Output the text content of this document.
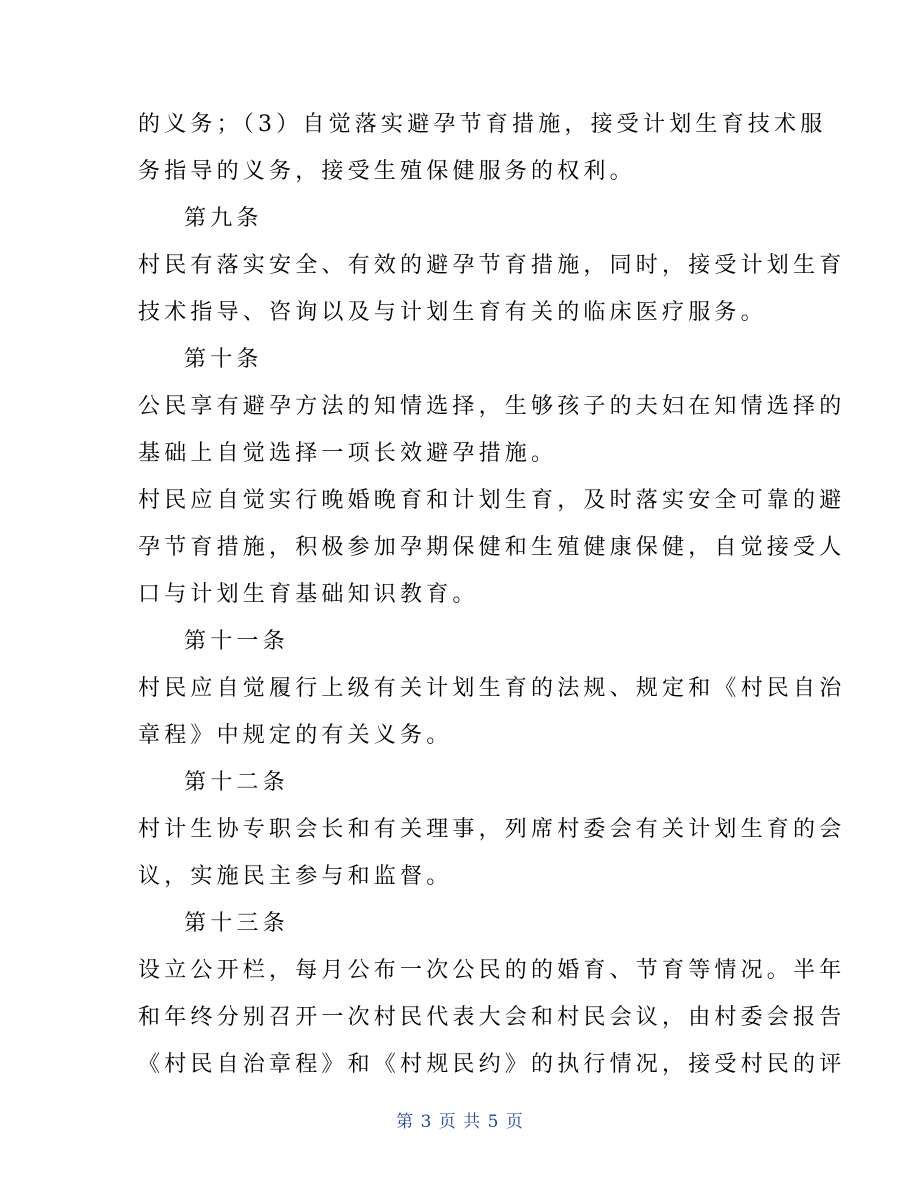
的义务；（3）自觉落实避孕节育措施，接受计划生育技术服
务指导的义务，接受生殖保健服务的权利。
第九条
村民有落实安全、有效的避孕节育措施，同时，接受计划生育
技术指导、咨询以及与计划生育有关的临床医疗服务。
第十条
公民享有避孕方法的知情选择，生够孩子的夫妇在知情选择的
基础上自觉选择一项长效避孕措施。
村民应自觉实行晚婚晚育和计划生育，及时落实安全可靠的避
孕节育措施，积极参加孕期保健和生殖健康保健，自觉接受人
口与计划生育基础知识教育。
第十一条
村民应自觉履行上级有关计划生育的法规、规定和《村民自治
章程》中规定的有关义务。
第十二条
村计生协专职会长和有关理事，列席村委会有关计划生育的会
议，实施民主参与和监督。
第十三条
设立公开栏，每月公布一次公民的的婚育、节育等情况。半年
和年终分别召开一次村民代表大会和村民会议，由村委会报告
《村民自治章程》和《村规民约》的执行情况，接受村民的评
第 3 页 共 5 页
